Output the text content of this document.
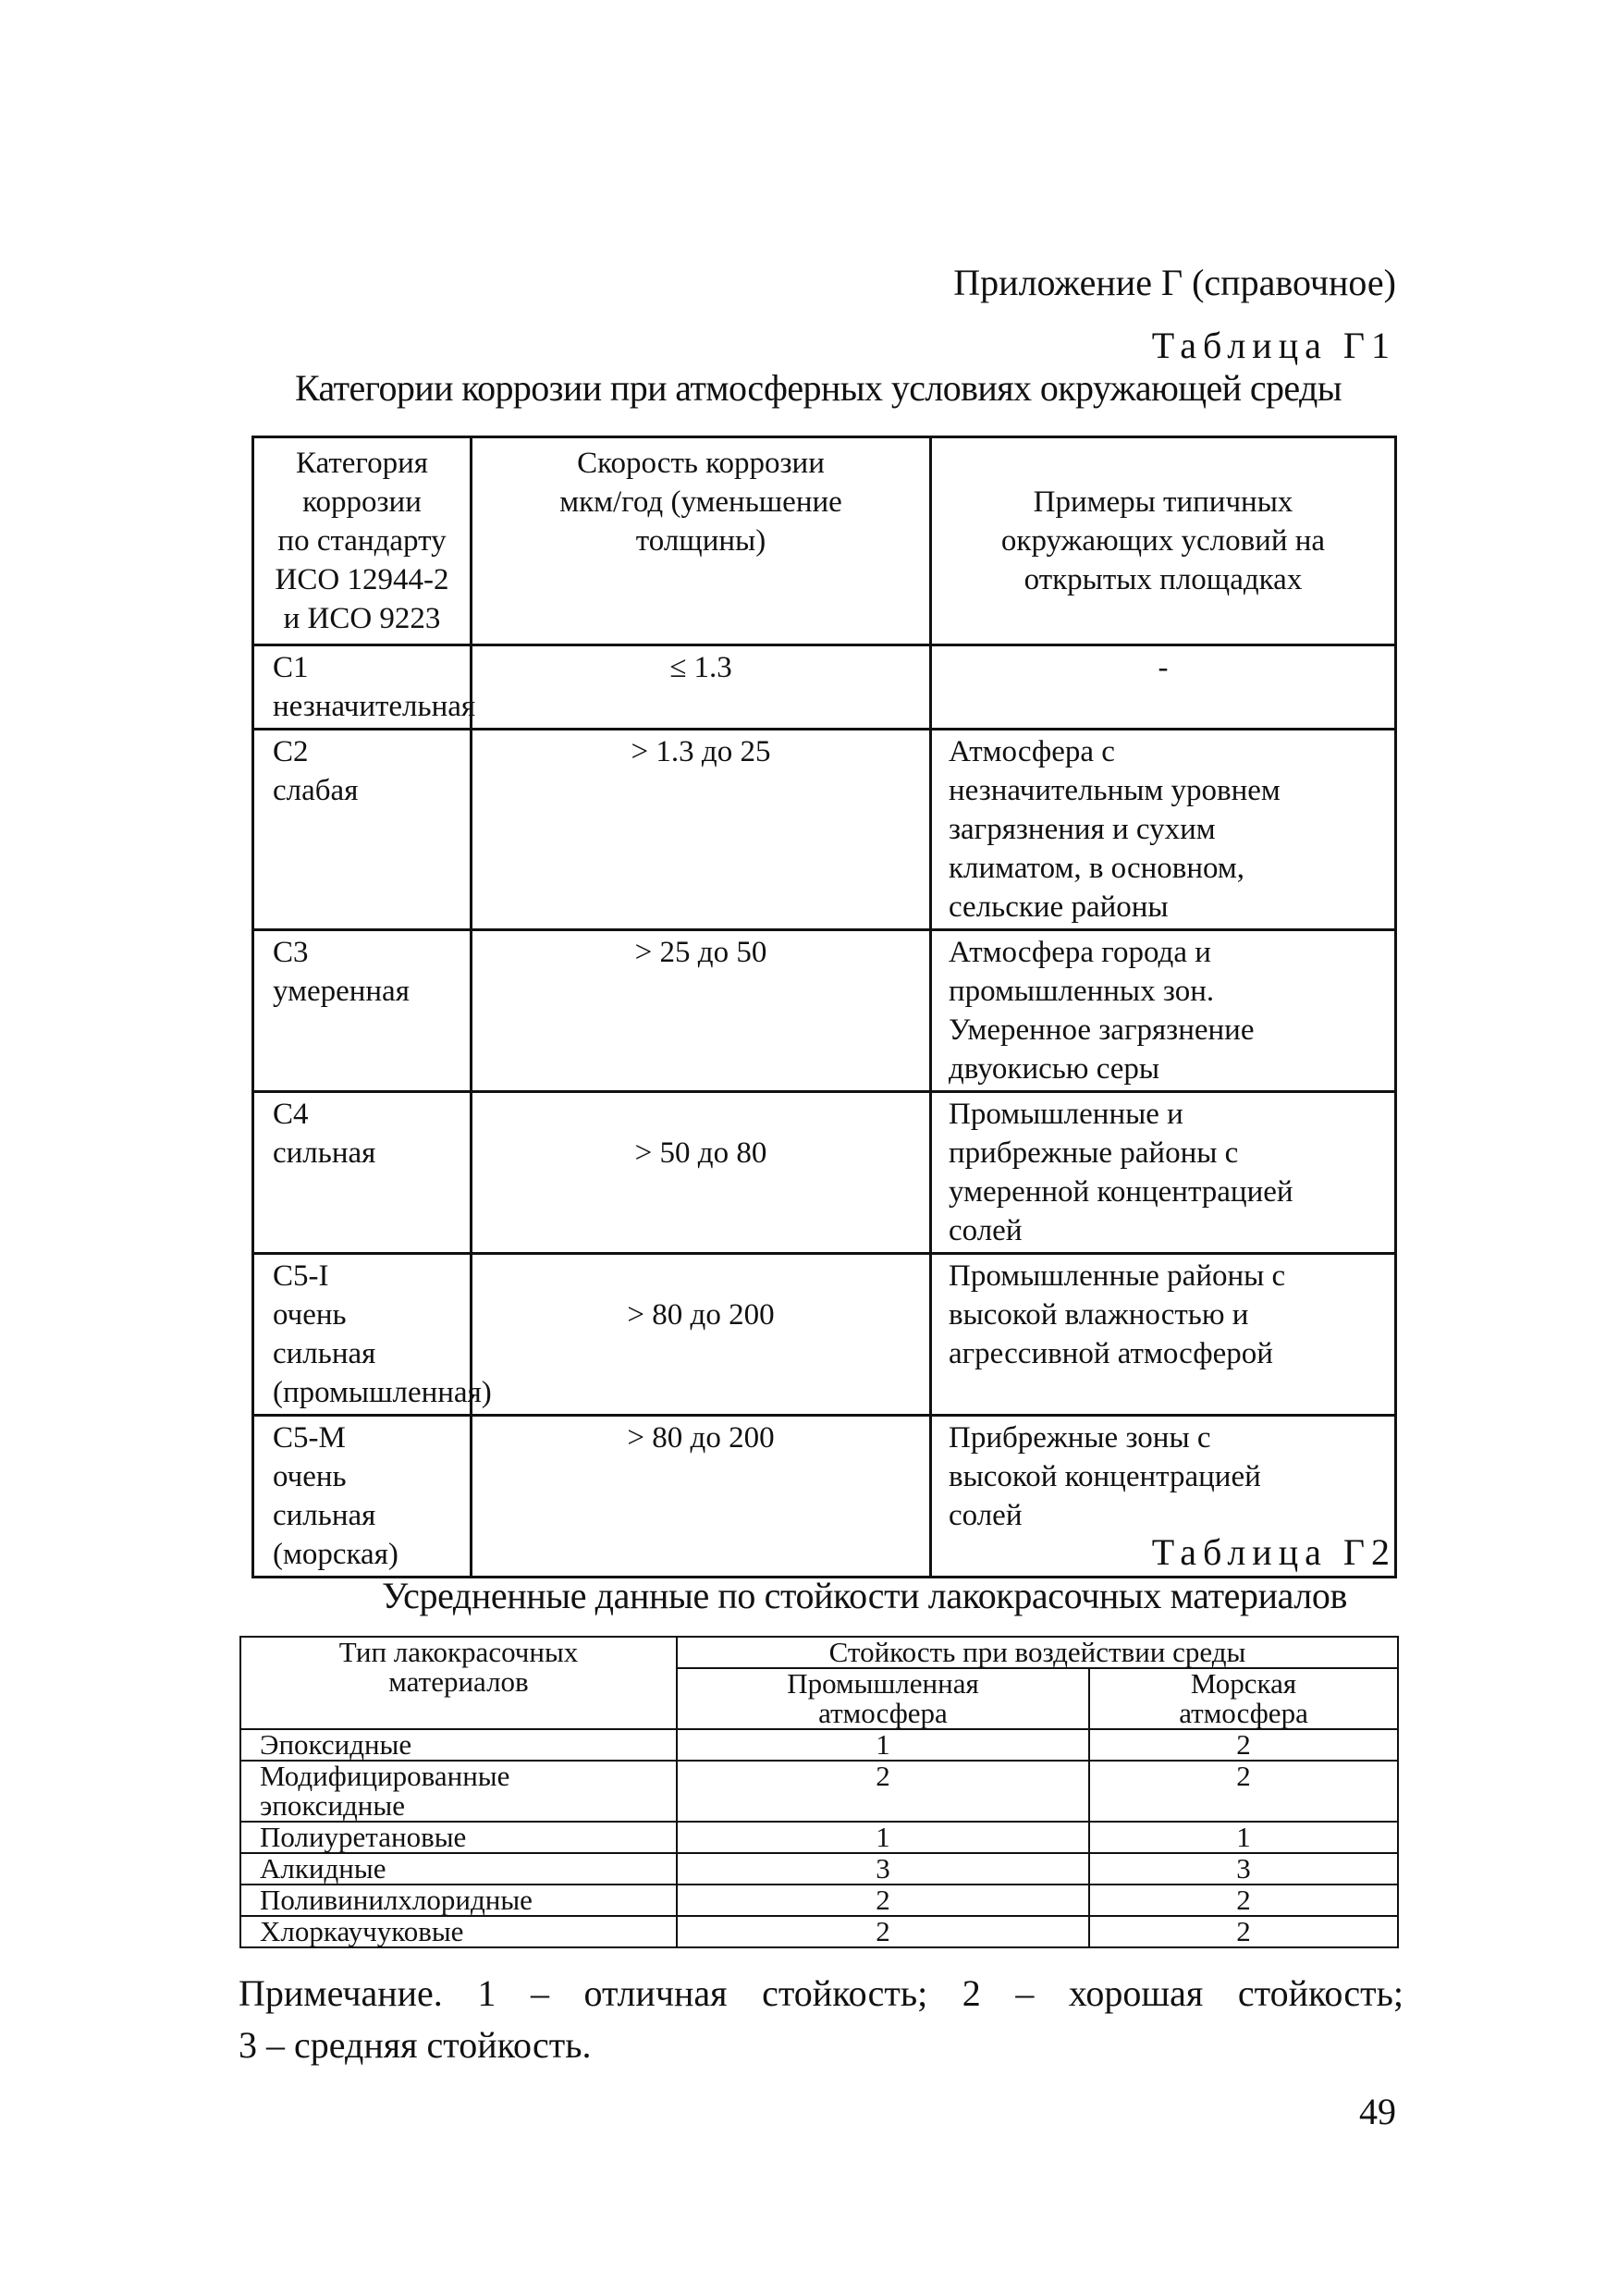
Приложение Г (справочное)
Таблица Г1
Категории коррозии при атмосферных условиях окружающей среды
Категория коррозии
по стандарту
ИСО 12944-2
и ИСО 9223	Скорость коррозии
мкм/год (уменьшение
толщины)	Примеры типичных
окружающих условий на
открытых площадках

C1
незначительная	≤ 1.3	-

C2
слабая	> 1.3 до 25	Атмосфера с
незначительным уровнем
загрязнения и сухим
климатом, в основном,
сельские районы

C3
умеренная	> 25 до 50	Атмосфера города и
промышленных зон.
Умеренное загрязнение
двуокисью серы

C4
сильная	> 50 до 80	Промышленные и
прибрежные районы с
умеренной концентрацией
солей

C5-I
очень сильная
(промышленная)	> 80 до 200	Промышленные районы с
высокой влажностью и
агрессивной атмосферой

C5-M
очень сильная
(морская)	> 80 до 200	Прибрежные зоны с
высокой концентрацией
солей
Таблица Г2
Усредненные данные по стойкости лакокрасочных материалов
Тип лакокрасочных
материалов	Стойкость при воздействии среды	

	Промышленная
атмосфера	Морская
атмосфера

Эпоксидные	1	2

Модифицированные
эпоксидные	2	2
Полиуретановые	1	1
Алкидные	3	3
Поливинилхлоридные	2	2
Хлоркаучуковые	2	2
Примечание. 1 – отличная стойкость; 2 – хорошая стойкость;
3 – средняя стойкость.
49
